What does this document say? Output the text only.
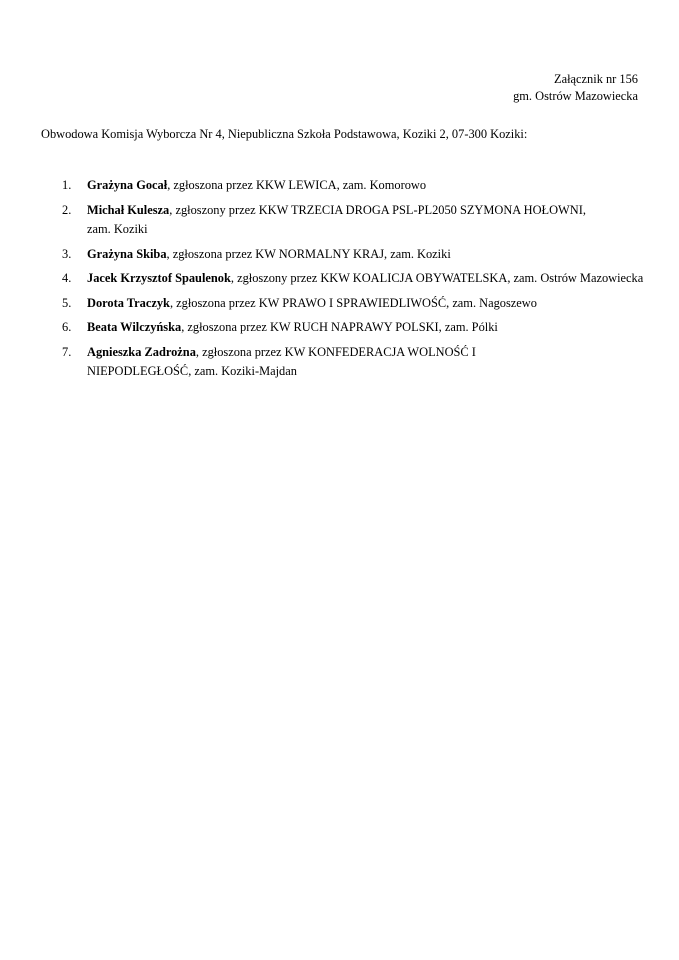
Załącznik nr 156
gm. Ostrów Mazowiecka
Obwodowa Komisja Wyborcza Nr 4, Niepubliczna Szkoła Podstawowa, Koziki 2, 07-300 Koziki:
1. Grażyna Gocał, zgłoszona przez KKW LEWICA, zam. Komorowo
2. Michał Kulesza, zgłoszony przez KKW TRZECIA DROGA PSL-PL2050 SZYMONA HOŁOWNI, zam. Koziki
3. Grażyna Skiba, zgłoszona przez KW NORMALNY KRAJ, zam. Koziki
4. Jacek Krzysztof Spaulenok, zgłoszony przez KKW KOALICJA OBYWATELSKA, zam. Ostrów Mazowiecka
5. Dorota Traczyk, zgłoszona przez KW PRAWO I SPRAWIEDLIWOŚĆ, zam. Nagoszewo
6. Beata Wilczyńska, zgłoszona przez KW RUCH NAPRAWY POLSKI, zam. Pólki
7. Agnieszka Zadrożna, zgłoszona przez KW KONFEDERACJA WOLNOŚĆ I NIEPODLEGŁOŚĆ, zam. Koziki-Majdan
